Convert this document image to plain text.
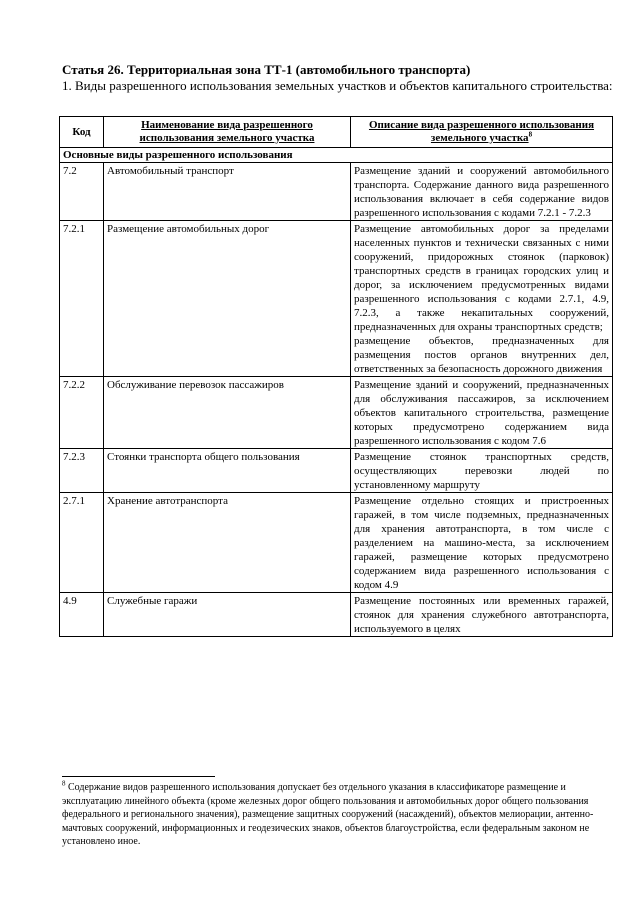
Статья 26. Территориальная зона ТТ-1 (автомобильного транспорта)
1. Виды разрешенного использования земельных участков и объектов капитального строительства:
Код	Наименование вида разрешенного использования земельного участка	Описание вида разрешенного использования земельного участка$^8$
Основные виды разрешенного использования		
7.2	Автомобильный транспорт	Размещение зданий и сооружений автомобильного транспорта. Содержание данного вида разрешенного использования включает в себя содержание видов разрешенного использования с кодами 7.2.1 - 7.2.3

7.2.1	Размещение автомобильных дорог	Размещение автомобильных дорог за пределами населенных пунктов и технически связанных с ними сооружений, придорожных стоянок (парковок) транспортных средств в границах городских улиц и дорог, за исключением предусмотренных видами разрешенного использования с кодами 2.7.1, 4.9, 7.2.3, а также некапитальных сооружений, предназначенных для охраны транспортных средств;
размещение объектов, предназначенных для размещения постов органов внутренних дел, ответственных за безопасность дорожного движения

7.2.2	Обслуживание перевозок пассажиров	Размещение зданий и сооружений, предназначенных для обслуживания пассажиров, за исключением объектов капитального строительства, размещение которых предусмотрено содержанием вида разрешенного использования с кодом 7.6

7.2.3	Стоянки транспорта общего пользования	Размещение стоянок транспортных средств, осуществляющих перевозки людей по установленному маршруту

2.7.1	Хранение автотранспорта	Размещение отдельно стоящих и пристроенных гаражей, в том числе подземных, предназначенных для хранения автотранспорта, в том числе с разделением на машино-места, за исключением гаражей, размещение которых предусмотрено содержанием вида разрешенного использования с кодом 4.9

4.9	Служебные гаражи	Размещение постоянных или временных гаражей, стоянок для хранения служебного автотранспорта, используемого в целях
$^8$ Содержание видов разрешенного использования допускает без отдельного указания в классификаторе размещение и эксплуатацию линейного объекта (кроме железных дорог общего пользования и автомобильных дорог общего пользования федерального и регионального значения), размещение защитных сооружений (насаждений), объектов мелиорации, антенно-мачтовых сооружений, информационных и геодезических знаков, объектов благоустройства, если федеральным законом не установлено иное.
